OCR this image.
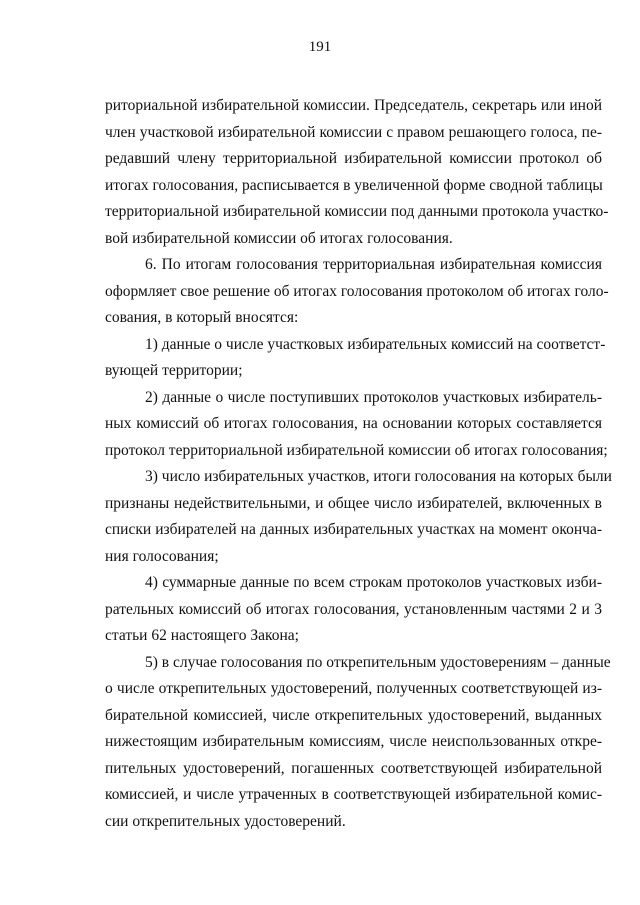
191
риториальной избирательной комиссии. Председатель, секретарь или иной
член участковой избирательной комиссии с правом решающего голоса, пе-
редавший члену территориальной избирательной комиссии протокол об
итогах голосования, расписывается в увеличенной форме сводной таблицы
территориальной избирательной комиссии под данными протокола участко-
вой избирательной комиссии об итогах голосования.
6. По итогам голосования территориальная избирательная комиссия
оформляет свое решение об итогах голосования протоколом об итогах голо-
сования, в который вносятся:
1) данные о числе участковых избирательных комиссий на соответст-
вующей территории;
2) данные о числе поступивших протоколов участковых избиратель-
ных комиссий об итогах голосования, на основании которых составляется
протокол территориальной избирательной комиссии об итогах голосования;
3) число избирательных участков, итоги голосования на которых были
признаны недействительными, и общее число избирателей, включенных в
списки избирателей на данных избирательных участках на момент оконча-
ния голосования;
4) суммарные данные по всем строкам протоколов участковых изби-
рательных комиссий об итогах голосования, установленным частями 2 и 3
статьи 62 настоящего Закона;
5) в случае голосования по открепительным удостоверениям – данные
о числе открепительных удостоверений, полученных соответствующей из-
бирательной комиссией, числе открепительных удостоверений, выданных
нижестоящим избирательным комиссиям, числе неиспользованных откре-
пительных удостоверений, погашенных соответствующей избирательной
комиссией, и числе утраченных в соответствующей избирательной комис-
сии открепительных удостоверений.
